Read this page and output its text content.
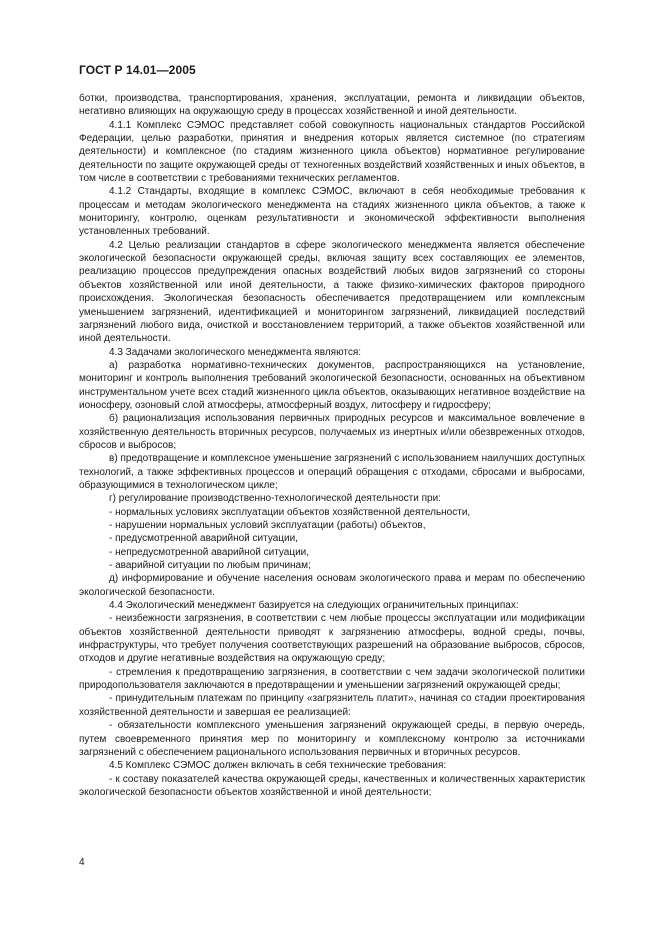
ГОСТ Р 14.01—2005

ботки, производства, транспортирования, хранения, эксплуатации, ремонта и ликвидации объектов, негативно влияющих на окружающую среду в процессах хозяйственной и иной деятельности.

4.1.1 Комплекс СЭМОС представляет собой совокупность национальных стандартов Российской Федерации, целью разработки, принятия и внедрения которых является системное (по стратегиям деятельности) и комплексное (по стадиям жизненного цикла объектов) нормативное регулирование деятельности по защите окружающей среды от техногенных воздействий хозяйственных и иных объектов, в том числе в соответствии с требованиями технических регламентов.

4.1.2 Стандарты, входящие в комплекс СЭМОС, включают в себя необходимые требования к процессам и методам экологического менеджмента на стадиях жизненного цикла объектов, а также к мониторингу, контролю, оценкам результативности и экономической эффективности выполнения установленных требований.

4.2 Целью реализации стандартов в сфере экологического менеджмента является обеспечение экологической безопасности окружающей среды, включая защиту всех составляющих ее элементов, реализацию процессов предупреждения опасных воздействий любых видов загрязнений со стороны объектов хозяйственной или иной деятельности, а также физико-химических факторов природного происхождения. Экологическая безопасность обеспечивается предотвращением или комплексным уменьшением загрязнений, идентификацией и мониторингом загрязнений, ликвидацией последствий загрязнений любого вида, очисткой и восстановлением территорий, а также объектов хозяйственной или иной деятельности.

4.3 Задачами экологического менеджмента являются:

а) разработка нормативно-технических документов, распространяющихся на установление, мониторинг и контроль выполнения требований экологической безопасности, основанных на объективном инструментальном учете всех стадий жизненного цикла объектов, оказывающих негативное воздействие на ионосферу, озоновый слой атмосферы, атмосферный воздух, литосферу и гидросферу;

б) рационализация использования первичных природных ресурсов и максимальное вовлечение в хозяйственную деятельность вторичных ресурсов, получаемых из инертных и/или обезвреженных отходов, сбросов и выбросов;

в) предотвращение и комплексное уменьшение загрязнений с использованием наилучших доступных технологий, а также эффективных процессов и операций обращения с отходами, сбросами и выбросами, образующимися в технологическом цикле;

г) регулирование производственно-технологической деятельности при:

- нормальных условиях эксплуатации объектов хозяйственной деятельности,

- нарушении нормальных условий эксплуатации (работы) объектов,

- предусмотренной аварийной ситуации,

- непредусмотренной аварийной ситуации,

- аварийной ситуации по любым причинам;

д) информирование и обучение населения основам экологического права и мерам по обеспечению экологической безопасности.

4.4 Экологический менеджмент базируется на следующих ограничительных принципах:

- неизбежности загрязнения, в соответствии с чем любые процессы эксплуатации или модификации объектов хозяйственной деятельности приводят к загрязнению атмосферы, водной среды, почвы, инфраструктуры, что требует получения соответствующих разрешений на образование выбросов, сбросов, отходов и другие негативные воздействия на окружающую среду;

- стремления к предотвращению загрязнения, в соответствии с чем задачи экологической политики природопользователя заключаются в предотвращении и уменьшении загрязнений окружающей среды;

- принудительным платежам по принципу «загрязнитель платит», начиная со стадии проектирования хозяйственной деятельности и завершая ее реализацией:

- обязательности комплексного уменьшения загрязнений окружающей среды, в первую очередь, путем своевременного принятия мер по мониторингу и комплексному контролю за источниками загрязнений с обеспечением рационального использования первичных и вторичных ресурсов.

4.5 Комплекс СЭМОС должен включать в себя технические требования:

- к составу показателей качества окружающей среды, качественных и количественных характеристик экологической безопасности объектов хозяйственной и иной деятельности;

4
